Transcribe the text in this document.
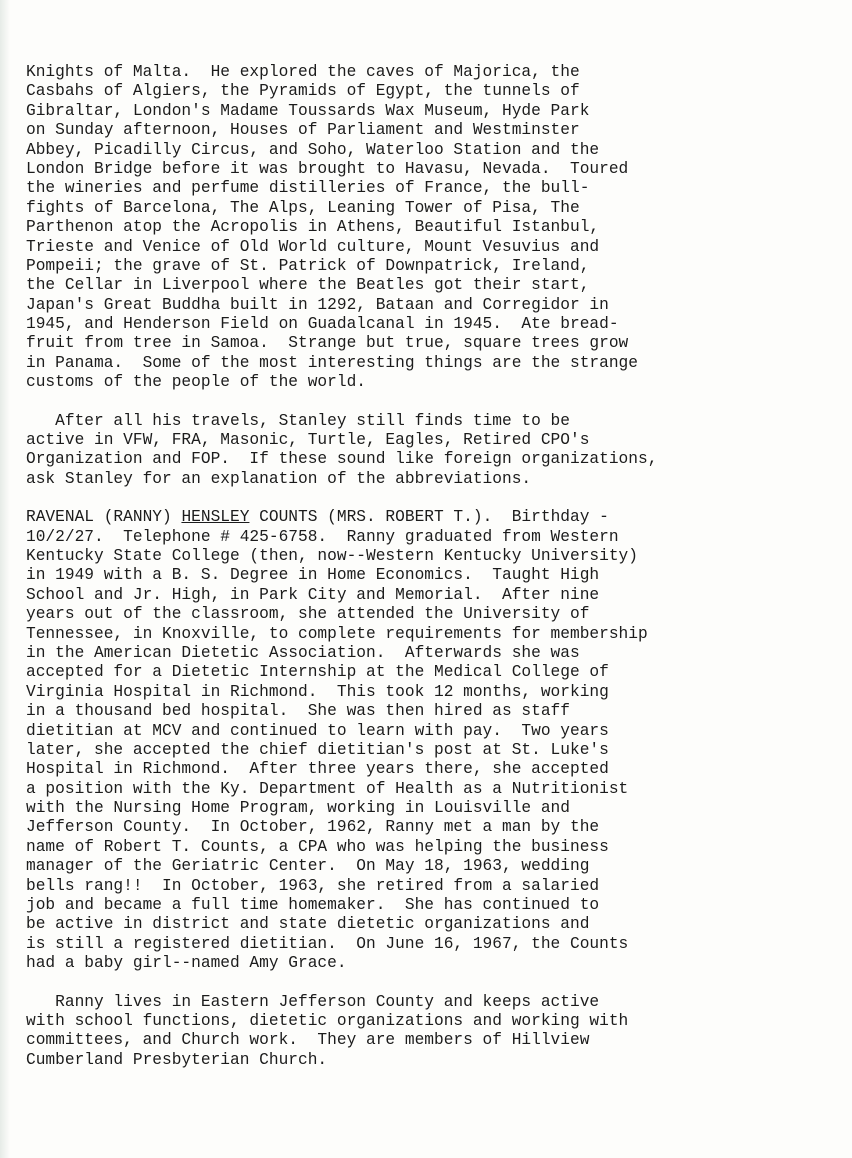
Knights of Malta.  He explored the caves of Majorica, the
Casbahs of Algiers, the Pyramids of Egypt, the tunnels of
Gibraltar, London's Madame Toussards Wax Museum, Hyde Park
on Sunday afternoon, Houses of Parliament and Westminster
Abbey, Picadilly Circus, and Soho, Waterloo Station and the
London Bridge before it was brought to Havasu, Nevada.  Toured
the wineries and perfume distilleries of France, the bull-
fights of Barcelona, The Alps, Leaning Tower of Pisa, The
Parthenon atop the Acropolis in Athens, Beautiful Istanbul,
Trieste and Venice of Old World culture, Mount Vesuvius and
Pompeii; the grave of St. Patrick of Downpatrick, Ireland,
the Cellar in Liverpool where the Beatles got their start,
Japan's Great Buddha built in 1292, Bataan and Corregidor in
1945, and Henderson Field on Guadalcanal in 1945.  Ate bread-
fruit from tree in Samoa.  Strange but true, square trees grow
in Panama.  Some of the most interesting things are the strange
customs of the people of the world.
After all his travels, Stanley still finds time to be
active in VFW, FRA, Masonic, Turtle, Eagles, Retired CPO's
Organization and FOP.  If these sound like foreign organizations,
ask Stanley for an explanation of the abbreviations.
RAVENAL (RANNY) HENSLEY COUNTS (MRS. ROBERT T.).  Birthday -
10/2/27.  Telephone # 425-6758.  Ranny graduated from Western
Kentucky State College (then, now--Western Kentucky University)
in 1949 with a B. S. Degree in Home Economics.  Taught High
School and Jr. High, in Park City and Memorial.  After nine
years out of the classroom, she attended the University of
Tennessee, in Knoxville, to complete requirements for membership
in the American Dietetic Association.  Afterwards she was
accepted for a Dietetic Internship at the Medical College of
Virginia Hospital in Richmond.  This took 12 months, working
in a thousand bed hospital.  She was then hired as staff
dietitian at MCV and continued to learn with pay.  Two years
later, she accepted the chief dietitian's post at St. Luke's
Hospital in Richmond.  After three years there, she accepted
a position with the Ky. Department of Health as a Nutritionist
with the Nursing Home Program, working in Louisville and
Jefferson County.  In October, 1962, Ranny met a man by the
name of Robert T. Counts, a CPA who was helping the business
manager of the Geriatric Center.  On May 18, 1963, wedding
bells rang!!  In October, 1963, she retired from a salaried
job and became a full time homemaker.  She has continued to
be active in district and state dietetic organizations and
is still a registered dietitian.  On June 16, 1967, the Counts
had a baby girl--named Amy Grace.
Ranny lives in Eastern Jefferson County and keeps active
with school functions, dietetic organizations and working with
committees, and Church work.  They are members of Hillview
Cumberland Presbyterian Church.
